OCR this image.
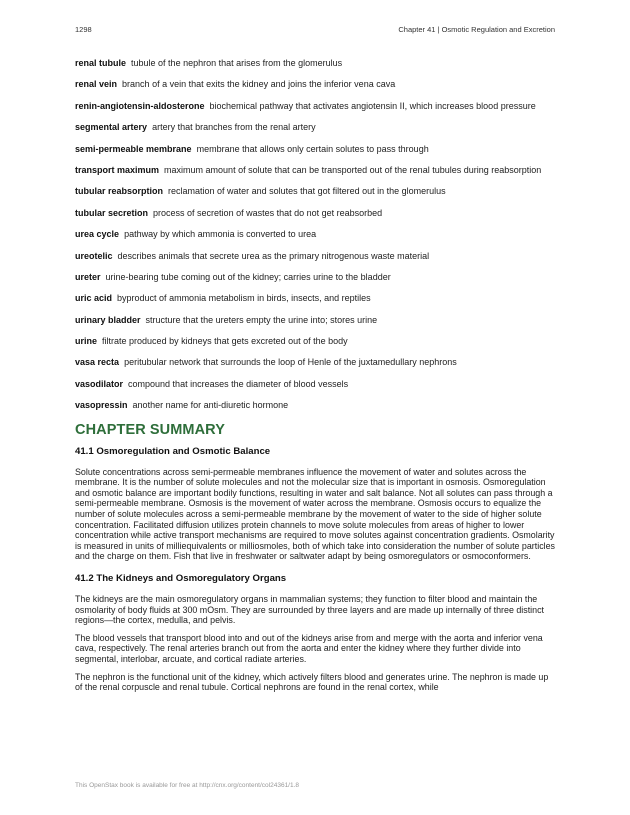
1298	Chapter 41 | Osmotic Regulation and Excretion
renal tubule tubule of the nephron that arises from the glomerulus
renal vein branch of a vein that exits the kidney and joins the inferior vena cava
renin-angiotensin-aldosterone biochemical pathway that activates angiotensin II, which increases blood pressure
segmental artery artery that branches from the renal artery
semi-permeable membrane membrane that allows only certain solutes to pass through
transport maximum maximum amount of solute that can be transported out of the renal tubules during reabsorption
tubular reabsorption reclamation of water and solutes that got filtered out in the glomerulus
tubular secretion process of secretion of wastes that do not get reabsorbed
urea cycle pathway by which ammonia is converted to urea
ureotelic describes animals that secrete urea as the primary nitrogenous waste material
ureter urine-bearing tube coming out of the kidney; carries urine to the bladder
uric acid byproduct of ammonia metabolism in birds, insects, and reptiles
urinary bladder structure that the ureters empty the urine into; stores urine
urine filtrate produced by kidneys that gets excreted out of the body
vasa recta peritubular network that surrounds the loop of Henle of the juxtamedullary nephrons
vasodilator compound that increases the diameter of blood vessels
vasopressin another name for anti-diuretic hormone
CHAPTER SUMMARY
41.1 Osmoregulation and Osmotic Balance

Solute concentrations across semi-permeable membranes influence the movement of water and solutes across the membrane. It is the number of solute molecules and not the molecular size that is important in osmosis. Osmoregulation and osmotic balance are important bodily functions, resulting in water and salt balance. Not all solutes can pass through a semi-permeable membrane. Osmosis is the movement of water across the membrane. Osmosis occurs to equalize the number of solute molecules across a semi-permeable membrane by the movement of water to the side of higher solute concentration. Facilitated diffusion utilizes protein channels to move solute molecules from areas of higher to lower concentration while active transport mechanisms are required to move solutes against concentration gradients. Osmolarity is measured in units of milliequivalents or milliosmoles, both of which take into consideration the number of solute particles and the charge on them. Fish that live in freshwater or saltwater adapt by being osmoregulators or osmoconformers.

41.2 The Kidneys and Osmoregulatory Organs

The kidneys are the main osmoregulatory organs in mammalian systems; they function to filter blood and maintain the osmolarity of body fluids at 300 mOsm. They are surrounded by three layers and are made up internally of three distinct regions—the cortex, medulla, and pelvis.

The blood vessels that transport blood into and out of the kidneys arise from and merge with the aorta and inferior vena cava, respectively. The renal arteries branch out from the aorta and enter the kidney where they further divide into segmental, interlobar, arcuate, and cortical radiate arteries.

The nephron is the functional unit of the kidney, which actively filters blood and generates urine. The nephron is made up of the renal corpuscle and renal tubule. Cortical nephrons are found in the renal cortex, while

This OpenStax book is available for free at http://cnx.org/content/col24361/1.8
